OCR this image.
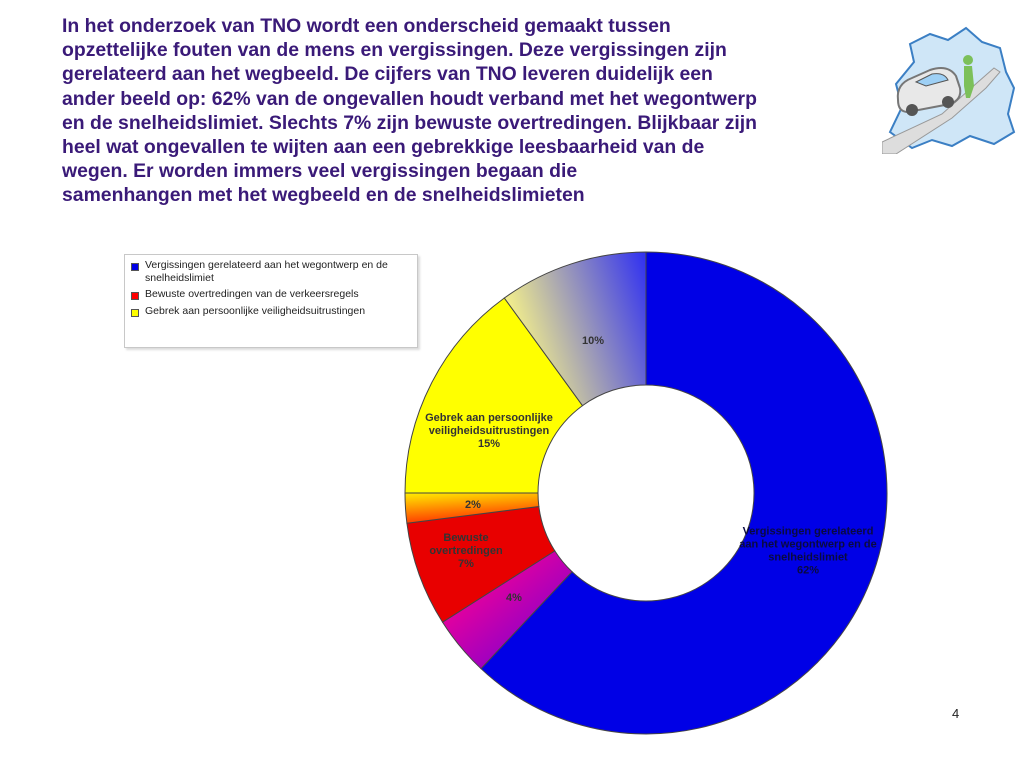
In het onderzoek van TNO wordt een onderscheid gemaakt tussen
opzettelijke fouten van de mens en vergissingen. Deze vergissingen zijn
gerelateerd aan het wegbeeld. De cijfers van TNO leveren duidelijk een
ander beeld op: 62% van de ongevallen houdt verband met het wegontwerp
en de snelheidslimiet. Slechts 7% zijn bewuste overtredingen. Blijkbaar zijn
heel wat ongevallen te wijten aan een gebrekkige leesbaarheid van de
wegen. Er worden immers veel vergissingen begaan die
samenhangen met het wegbeeld en de snelheidslimieten
Vergissingen gerelateerd aan het wegontwerp en de snelheidslimiet
Bewuste overtredingen van de verkeersregels
Gebrek aan persoonlijke veiligheidsuitrustingen
Vergissingen gerelateerd aan het wegontwerp en de snelheidslimiet 62%
4%
Bewuste overtredingen 7%
2%
Gebrek aan persoonlijke veiligheidsuitrustingen 15%
10%
4
